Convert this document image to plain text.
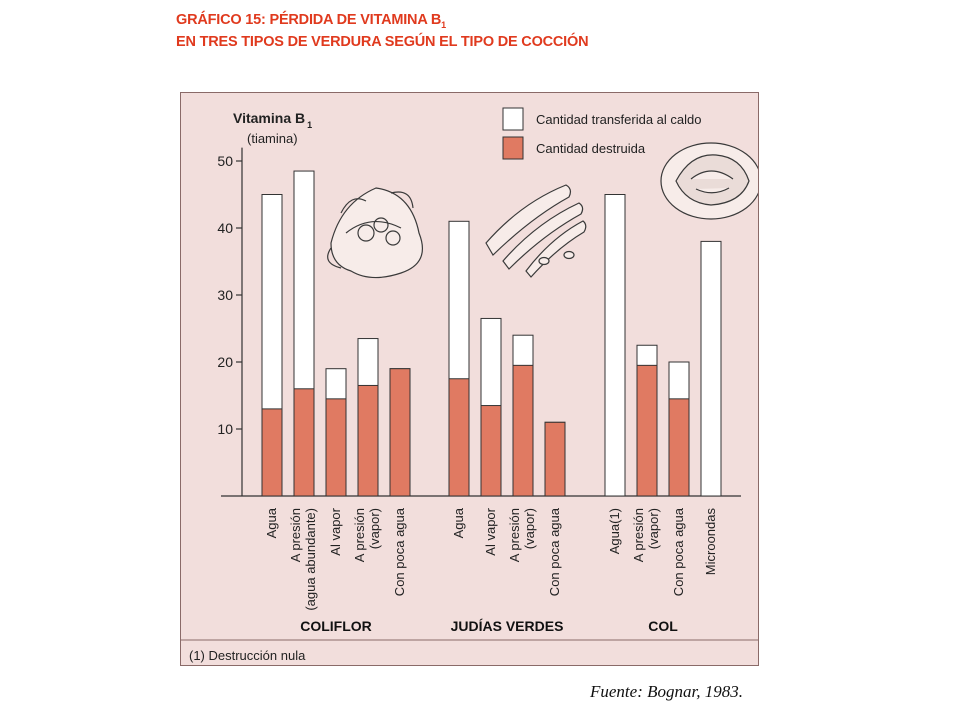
GRÁFICO 15: PÉRDIDA DE VITAMINA $B_1$
EN TRES TIPOS DE VERDURA SEGÚN EL TIPO DE COCCIÓN
10
20
30
40
50
Vitamina B $_1$
(tiamina)
Cantidad transferida al caldo
Cantidad destruida
Agua A presión(agua abundante) Al vapor A presión(vapor) Con poca agua
COLIFLOR
Agua Al vapor A presión(vapor) Con poca agua
JUDÍAS VERDES
Agua(1) A presión(vapor) Con poca agua Microondas
COL
(1) Destrucción nula
Fuente: Bognar, 1983.
